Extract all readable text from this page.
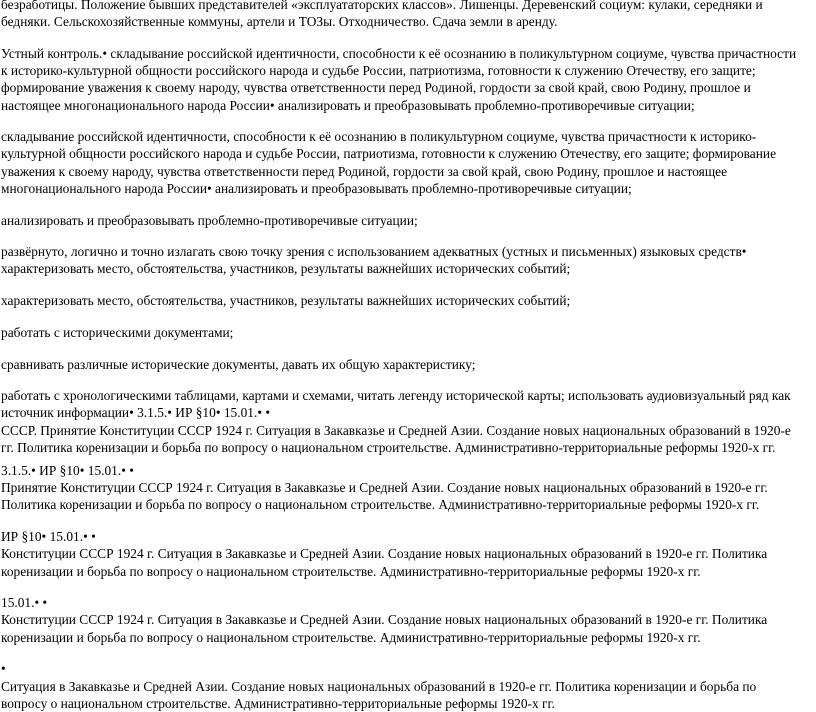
безработицы. Положение бывших представителей «эксплуататорских классов». Лишенцы. Деревенский социум: кулаки, середняки и бедняки. Сельскохозяйственные коммуны, артели и ТОЗы. Отходничество. Сдача земли в аренду.

Устный контроль.• складывание российской идентичности, способности к её осознанию в поликультурном социуме, чувства причастности к историко-культурной общности российского народа и судьбе России, патриотизма, готовности к служению Отечеству, его защите; формирование уважения к своему народу, чувства ответственности перед Родиной, гордости за свой край, свою Родину, прошлое и настоящее многонационального народа России• анализировать и преобразовывать проблемно-противоречивые ситуации;

складывание российской идентичности, способности к её осознанию в поликультурном социуме, чувства причастности к историко-культурной общности российского народа и судьбе России, патриотизма, готовности к служению Отечеству, его защите; формирование уважения к своему народу, чувства ответственности перед Родиной, гордости за свой край, свою Родину, прошлое и настоящее многонационального народа России• анализировать и преобразовывать проблемно-противоречивые ситуации;

анализировать и преобразовывать проблемно-противоречивые ситуации;

развёрнуто, логично и точно излагать свою точку зрения с использованием адекватных (устных и письменных) языковых средств• характеризовать место, обстоятельства, участников, результаты важнейших исторических событий;

характеризовать место, обстоятельства, участников, результаты важнейших исторических событий;

работать с историческими документами;

сравнивать различные исторические документы, давать их общую характеристику;

работать с хронологическими таблицами, картами и схемами, читать легенду исторической карты; использовать аудиовизуальный ряд как источник информации• 3.1.5.• ИР §10• 15.01.• •
СССР. Принятие Конституции СССР 1924 г. Ситуация в Закавказье и Средней Азии. Создание новых национальных образований в 1920-е гг. Политика коренизации и борьба по вопросу о национальном строительстве. Административно-территориальные реформы 1920-х гг.

3.1.5.• ИР §10• 15.01.• •
Принятие Конституции СССР 1924 г. Ситуация в Закавказье и Средней Азии. Создание новых национальных образований в 1920-е гг. Политика коренизации и борьба по вопросу о национальном строительстве. Административно-территориальные реформы 1920-х гг.

ИР §10• 15.01.• •
Конституции СССР 1924 г. Ситуация в Закавказье и Средней Азии. Создание новых национальных образований в 1920-е гг. Политика коренизации и борьба по вопросу о национальном строительстве. Административно-территориальные реформы 1920-х гг.

15.01.• •
Конституции СССР 1924 г. Ситуация в Закавказье и Средней Азии. Создание новых национальных образований в 1920-е гг. Политика коренизации и борьба по вопросу о национальном строительстве. Административно-территориальные реформы 1920-х гг.

•
Ситуация в Закавказье и Средней Азии. Создание новых национальных образований в 1920-е гг. Политика коренизации и борьба по вопросу о национальном строительстве. Административно-территориальные реформы 1920-х гг.
